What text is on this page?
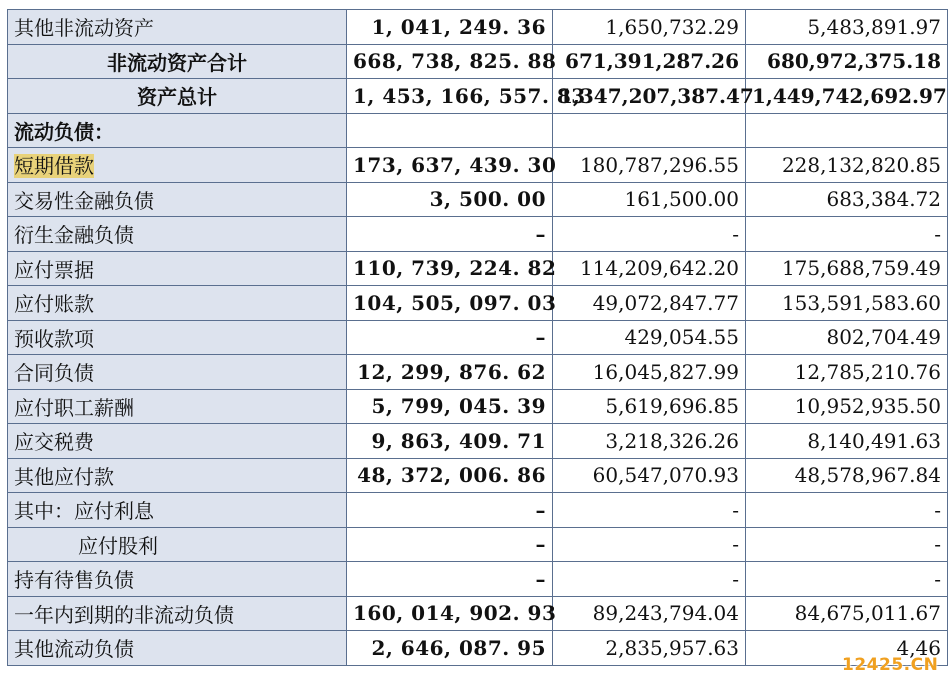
其他非流动资产	1, 041, 249. 36	1,650,732.29	5,483,891.97
非流动资产合计	668, 738, 825. 88	671,391,287.26	680,972,375.18
资产总计	1, 453, 166, 557. 83	1,347,207,387.47	1,449,742,692.97
流动负债：			
短期借款	173, 637, 439. 30	180,787,296.55	228,132,820.85
交易性金融负债	3, 500. 00	161,500.00	683,384.72
衍生金融负债	–	-	-
应付票据	110, 739, 224. 82	114,209,642.20	175,688,759.49
应付账款	104, 505, 097. 03	49,072,847.77	153,591,583.60
预收款项	–	429,054.55	802,704.49
合同负债	12, 299, 876. 62	16,045,827.99	12,785,210.76
应付职工薪酬	5, 799, 045. 39	5,619,696.85	10,952,935.50
应交税费	9, 863, 409. 71	3,218,326.26	8,140,491.63
其他应付款	48, 372, 006. 86	60,547,070.93	48,578,967.84
其中：应付利息	–	-	-
应付股利	–	-	-
持有待售负债	–	-	-
一年内到期的非流动负债	160, 014, 902. 93	89,243,794.04	84,675,011.67
其他流动负债	2, 646, 087. 95	2,835,957.63	4,46
12425.CN
